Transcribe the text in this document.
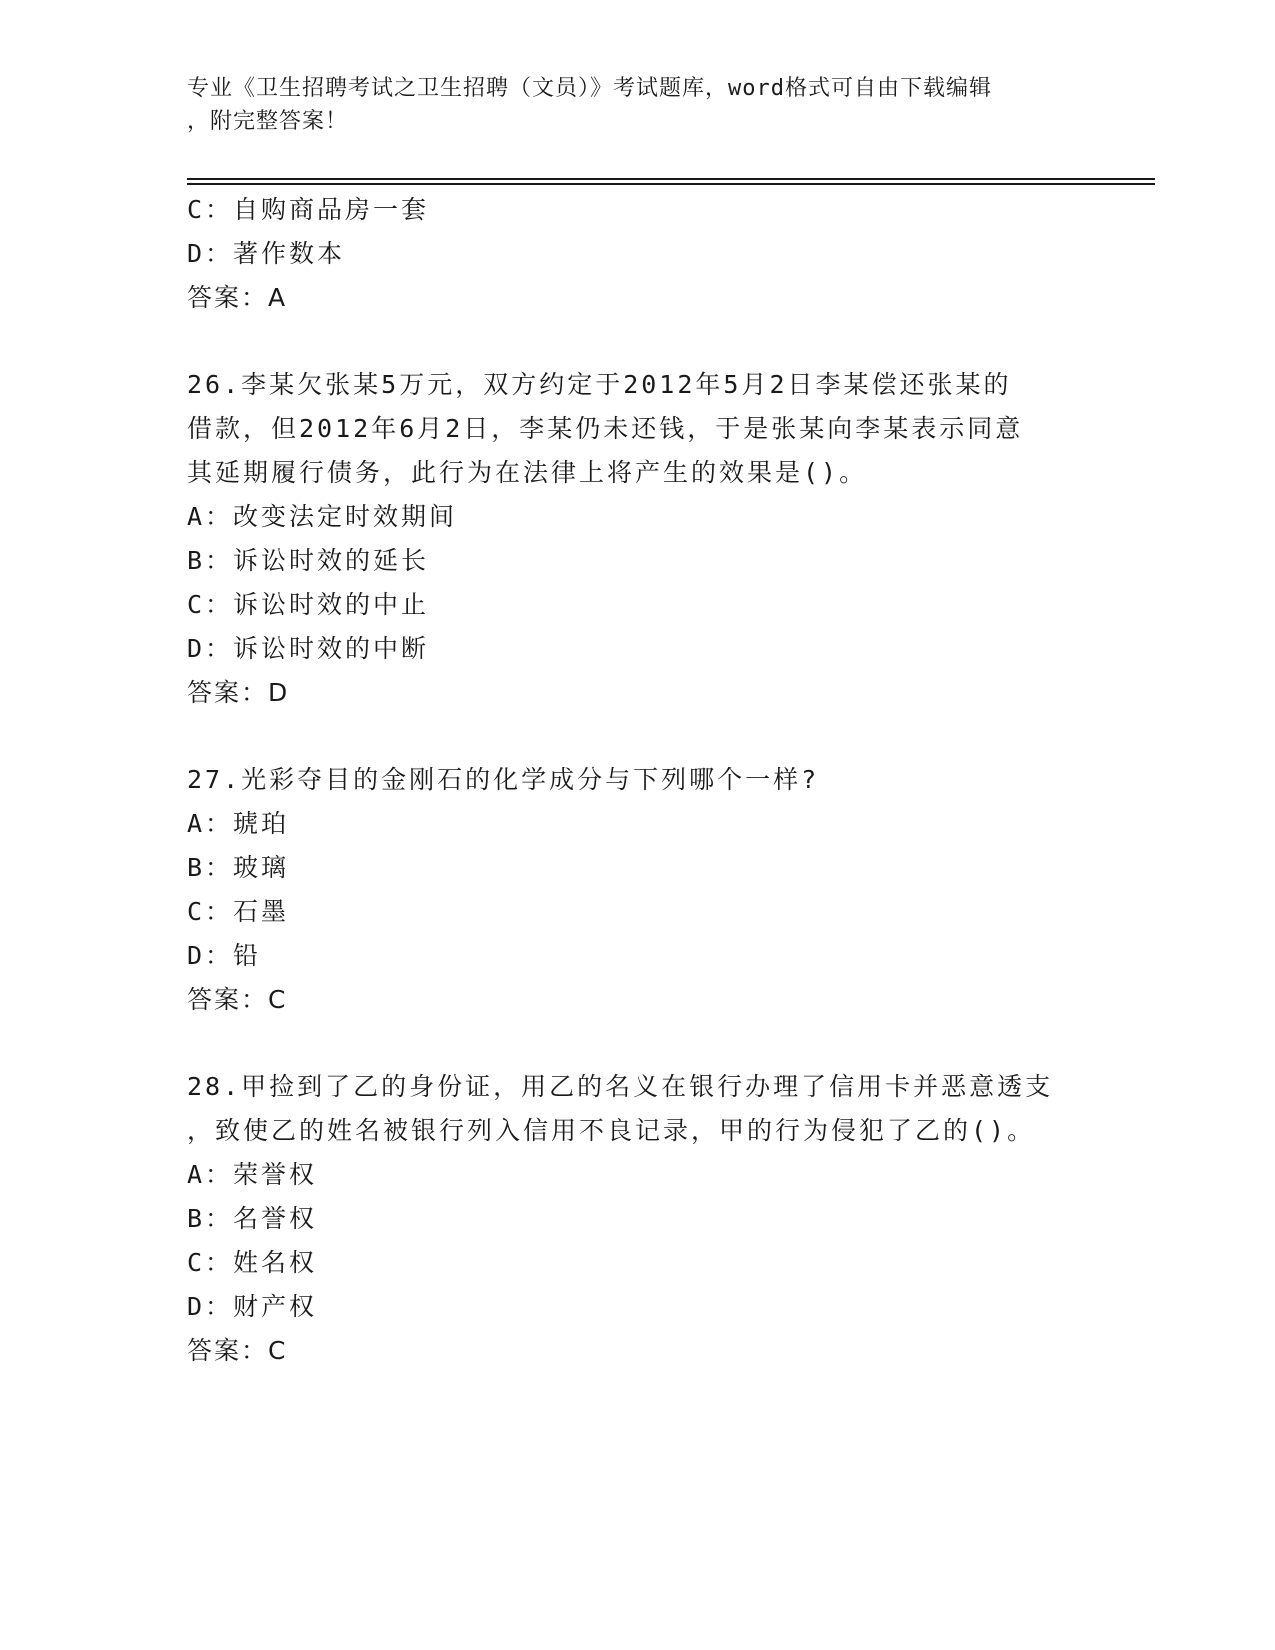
专业《卫生招聘考试之卫生招聘（文员）》考试题库，word格式可自由下载编辑
，附完整答案！
C：自购商品房一套
D：著作数本
答案：A
26.李某欠张某5万元，双方约定于2012年5月2日李某偿还张某的
借款，但2012年6月2日，李某仍未还钱，于是张某向李某表示同意
其延期履行债务，此行为在法律上将产生的效果是()。
A：改变法定时效期间
B：诉讼时效的延长
C：诉讼时效的中止
D：诉讼时效的中断
答案：D
27.光彩夺目的金刚石的化学成分与下列哪个一样?
A：琥珀
B：玻璃
C：石墨
D：铅
答案：C
28.甲捡到了乙的身份证，用乙的名义在银行办理了信用卡并恶意透支
，致使乙的姓名被银行列入信用不良记录，甲的行为侵犯了乙的()。
A：荣誉权
B：名誉权
C：姓名权
D：财产权
答案：C
